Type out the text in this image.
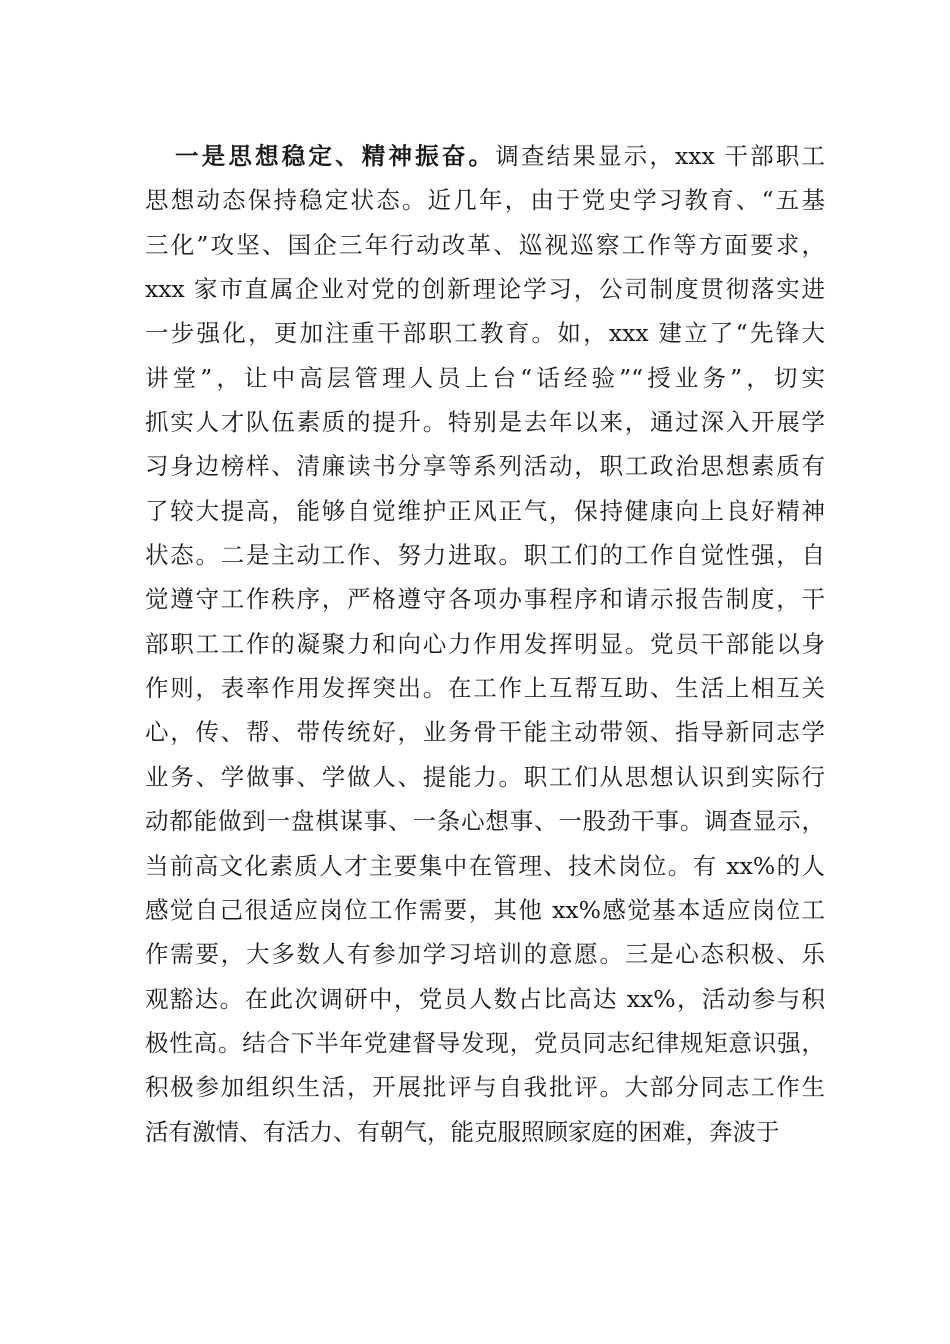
一是思想稳定、精神振奋。调查结果显示，xxx 干部职工
思想动态保持稳定状态。近几年，由于党史学习教育、“五基
三化”攻坚、国企三年行动改革、巡视巡察工作等方面要求，
xxx 家市直属企业对党的创新理论学习，公司制度贯彻落实进
一步强化，更加注重干部职工教育。如，xxx 建立了“先锋大
讲堂”，让中高层管理人员上台“话经验”“授业务”，切实
抓实人才队伍素质的提升。特别是去年以来，通过深入开展学
习身边榜样、清廉读书分享等系列活动，职工政治思想素质有
了较大提高，能够自觉维护正风正气，保持健康向上良好精神
状态。二是主动工作、努力进取。职工们的工作自觉性强，自
觉遵守工作秩序，严格遵守各项办事程序和请示报告制度，干
部职工工作的凝聚力和向心力作用发挥明显。党员干部能以身
作则，表率作用发挥突出。在工作上互帮互助、生活上相互关
心，传、帮、带传统好，业务骨干能主动带领、指导新同志学
业务、学做事、学做人、提能力。职工们从思想认识到实际行
动都能做到一盘棋谋事、一条心想事、一股劲干事。调查显示，
当前高文化素质人才主要集中在管理、技术岗位。有 xx%的人
感觉自己很适应岗位工作需要，其他 xx%感觉基本适应岗位工
作需要，大多数人有参加学习培训的意愿。三是心态积极、乐
观豁达。在此次调研中，党员人数占比高达 xx%，活动参与积
极性高。结合下半年党建督导发现，党员同志纪律规矩意识强，
积极参加组织生活，开展批评与自我批评。大部分同志工作生
活有激情、有活力、有朝气，能克服照顾家庭的困难，奔波于
